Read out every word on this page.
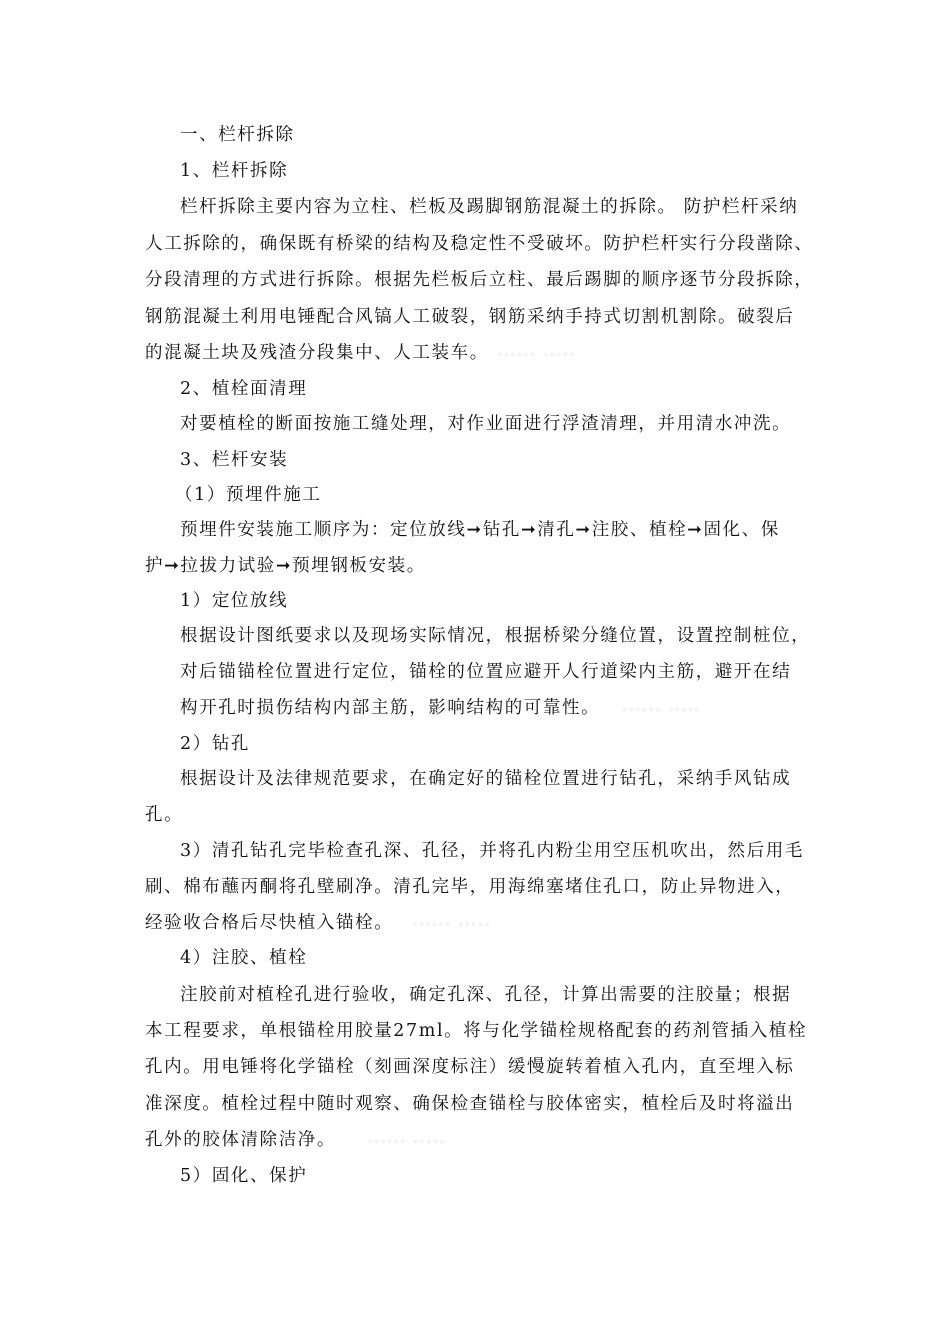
一、栏杆拆除
1、栏杆拆除
栏杆拆除主要内容为立柱、栏板及踢脚钢筋混凝土的拆除。 防护栏杆采纳
人工拆除的，确保既有桥梁的结构及稳定性不受破坏。防护栏杆实行分段凿除、
分段清理的方式进行拆除。根据先栏板后立柱、最后踢脚的顺序逐节分段拆除，
钢筋混凝土利用电锤配合风镐人工破裂，钢筋采纳手持式切割机割除。破裂后
的混凝土块及残渣分段集中、人工装车。
2、植栓面清理
对要植栓的断面按施工缝处理，对作业面进行浮渣清理，并用清水冲洗。
3、栏杆安装
（1）预埋件施工
预埋件安装施工顺序为：定位放线➞钻孔➞清孔➞注胶、植栓➞固化、保
护➞拉拔力试验➞预埋钢板安装。
1）定位放线
根据设计图纸要求以及现场实际情况，根据桥梁分缝位置，设置控制桩位，
对后锚锚栓位置进行定位，锚栓的位置应避开人行道梁内主筋，避开在结
构开孔时损伤结构内部主筋，影响结构的可靠性。
2）钻孔
根据设计及法律规范要求，在确定好的锚栓位置进行钻孔，采纳手风钻成
孔。
3）清孔钻孔完毕检查孔深、孔径，并将孔内粉尘用空压机吹出，然后用毛
刷、棉布蘸丙酮将孔壁刷净。清孔完毕，用海绵塞堵住孔口，防止异物进入，
经验收合格后尽快植入锚栓。
4）注胶、植栓
注胶前对植栓孔进行验收，确定孔深、孔径，计算出需要的注胶量；根据
本工程要求，单根锚栓用胶量27ml。将与化学锚栓规格配套的药剂管插入植栓
孔内。用电锤将化学锚栓（刻画深度标注）缓慢旋转着植入孔内，直至埋入标
准深度。植栓过程中随时观察、确保检查锚栓与胶体密实，植栓后及时将溢出
孔外的胶体清除洁净。
5）固化、保护
▪▪▪▪▪▪ ▪▪▪▪▪
▪▪▪▪▪▪ ▪▪▪▪▪
▪▪▪▪▪▪ ▪▪▪▪▪
▪▪▪▪▪▪ ▪▪▪▪▪
